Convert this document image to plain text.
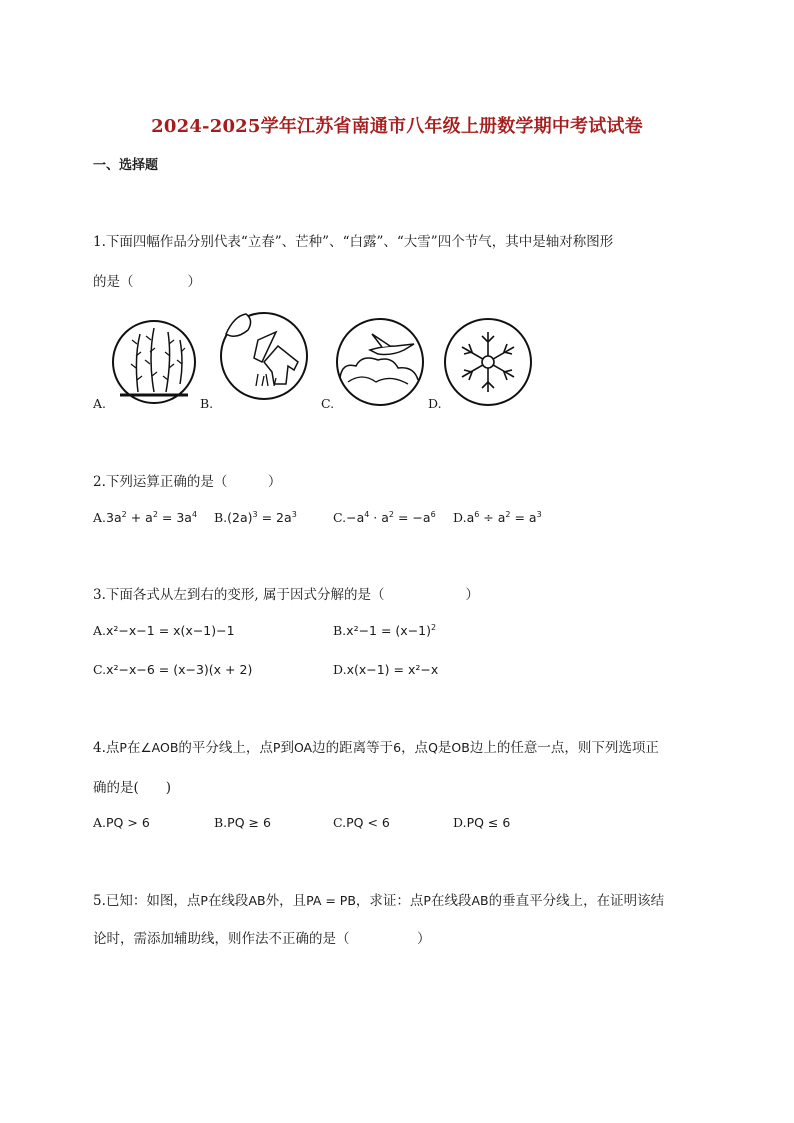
2024-2025学年江苏省南通市八年级上册数学期中考试试卷
一、选择题
1.下面四幅作品分别代表“立春”、芒种”、“白露”、“大雪”四个节气，其中是轴对称图形
的是（　　　　）
A.	B.	C.	D.
2.下列运算正确的是（　　　）
$A.3a^2 + a^2 = 3a^4$ $B.(2a)^3 = 2a^3$	$C.-a^4 \cdot a^2 = -a^6$ $D.a^6 \div a^2 = a^3$
3.下面各式从左到右的变形, 属于因式分解的是（　　　　　　）
A.x²−x−1 = x(x−1)−1	$B.x^2-1 = (x-1)^2$
C.x²−x−6 = (x−3)(x + 2)	D.x(x−1) = x²−x
4.点P在∠AOB的平分线上，点P到OA边的距离等于6，点Q是OB边上的任意一点，则下列选项正
确的是(　　)
A.PQ > 6	B.PQ ≥ 6	C.PQ < 6	D.PQ ≤ 6
5.已知：如图，点P在线段AB外，且PA = PB，求证：点P在线段AB的垂直平分线上，在证明该结
论时，需添加辅助线，则作法不正确的是（　　　　　）
